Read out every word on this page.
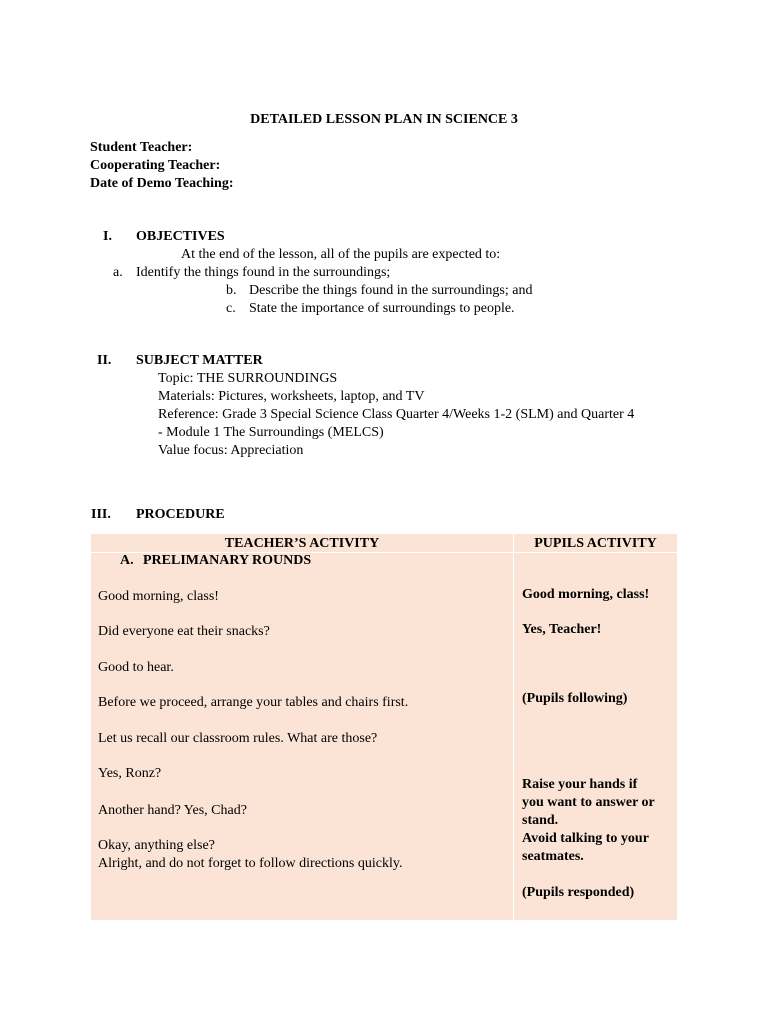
DETAILED LESSON PLAN IN SCIENCE 3
Student Teacher:
Cooperating Teacher:
Date of Demo Teaching:
I. OBJECTIVES
At the end of the lesson, all of the pupils are expected to:
a. Identify the things found in the surroundings;
b. Describe the things found in the surroundings; and
c. State the importance of surroundings to people.
II. SUBJECT MATTER
Topic: THE SURROUNDINGS
Materials: Pictures, worksheets, laptop, and TV
Reference: Grade 3 Special Science Class Quarter 4/Weeks 1-2 (SLM) and Quarter 4
- Module 1 The Surroundings (MELCS)
Value focus: Appreciation
III. PROCEDURE
TEACHER’S ACTIVITY	PUPILS ACTIVITY
A. PRELIMANARY ROUNDS
Good morning, class!
Did everyone eat their snacks?
Good to hear.
Before we proceed, arrange your tables and chairs first.
Let us recall our classroom rules. What are those?
Yes, Ronz?
Another hand? Yes, Chad?
Okay, anything else?
Alright, and do not forget to follow directions quickly.
Good morning, class!
Yes, Teacher!
(Pupils following)
Raise your hands if
you want to answer or
stand.
Avoid talking to your
seatmates.
(Pupils responded)
